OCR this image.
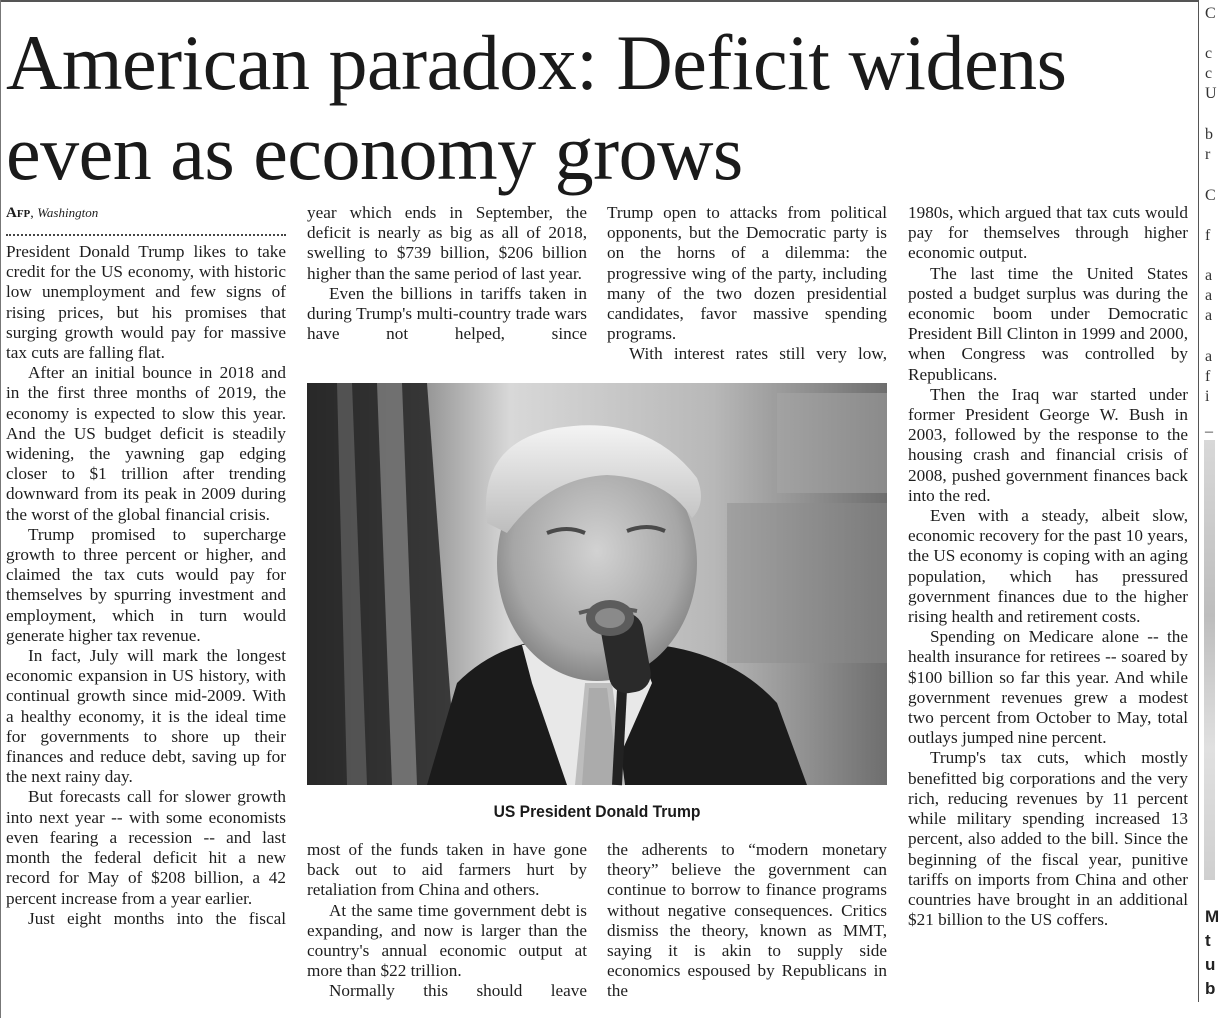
American paradox: Deficit widens even as economy grows
Afp, Washington

President Donald Trump likes to take credit for the US economy, with historic low unemployment and few signs of rising prices, but his promises that surging growth would pay for massive tax cuts are falling flat.

After an initial bounce in 2018 and in the first three months of 2019, the economy is expected to slow this year. And the US budget deficit is steadily widening, the yawning gap edging closer to $1 trillion after trending downward from its peak in 2009 during the worst of the global financial crisis.

Trump promised to supercharge growth to three percent or higher, and claimed the tax cuts would pay for themselves by spurring investment and employment, which in turn would generate higher tax revenue.

In fact, July will mark the longest economic expansion in US history, with continual growth since mid-2009. With a healthy economy, it is the ideal time for governments to shore up their finances and reduce debt, saving up for the next rainy day.

But forecasts call for slower growth into next year -- with some economists even fearing a recession -- and last month the federal deficit hit a new record for May of $208 billion, a 42 percent increase from a year earlier.

Just eight months into the fiscal

year which ends in September, the deficit is nearly as big as all of 2018, swelling to $739 billion, $206 billion higher than the same period of last year.

Even the billions in tariffs taken in during Trump's multi-country trade wars have not helped, since

Trump open to attacks from political opponents, but the Democratic party is on the horns of a dilemma: the progressive wing of the party, including many of the two dozen presidential candidates, favor massive spending programs.

With interest rates still very low,

US President Donald Trump

most of the funds taken in have gone back out to aid farmers hurt by retaliation from China and others.

At the same time government debt is expanding, and now is larger than the country's annual economic output at more than $22 trillion.

Normally this should leave

the adherents to “modern monetary theory” believe the government can continue to borrow to finance programs without negative consequences. Critics dismiss the theory, known as MMT, saying it is akin to supply side economics espoused by Republicans in the

1980s, which argued that tax cuts would pay for themselves through higher economic output.

The last time the United States posted a budget surplus was during the economic boom under Democratic President Bill Clinton in 1999 and 2000, when Congress was controlled by Republicans.

Then the Iraq war started under former President George W. Bush in 2003, followed by the response to the housing crash and financial crisis of 2008, pushed government finances back into the red.

Even with a steady, albeit slow, economic recovery for the past 10 years, the US economy is coping with an aging population, which has pressured government finances due to the higher rising health and retirement costs.

Spending on Medicare alone -- the health insurance for retirees -- soared by $100 billion so far this year. And while government revenues grew a modest two percent from October to May, total outlays jumped nine percent.

Trump's tax cuts, which mostly benefitted big corporations and the very rich, reducing revenues by 11 percent while military spending increased 13 percent, also added to the bill. Since the beginning of the fiscal year, punitive tariffs on imports from China and other countries have brought in an additional $21 billion to the US coffers.

C
c
c
U
b
r
C
f
a
a
a
a
f
i
–
M
t
u
b
